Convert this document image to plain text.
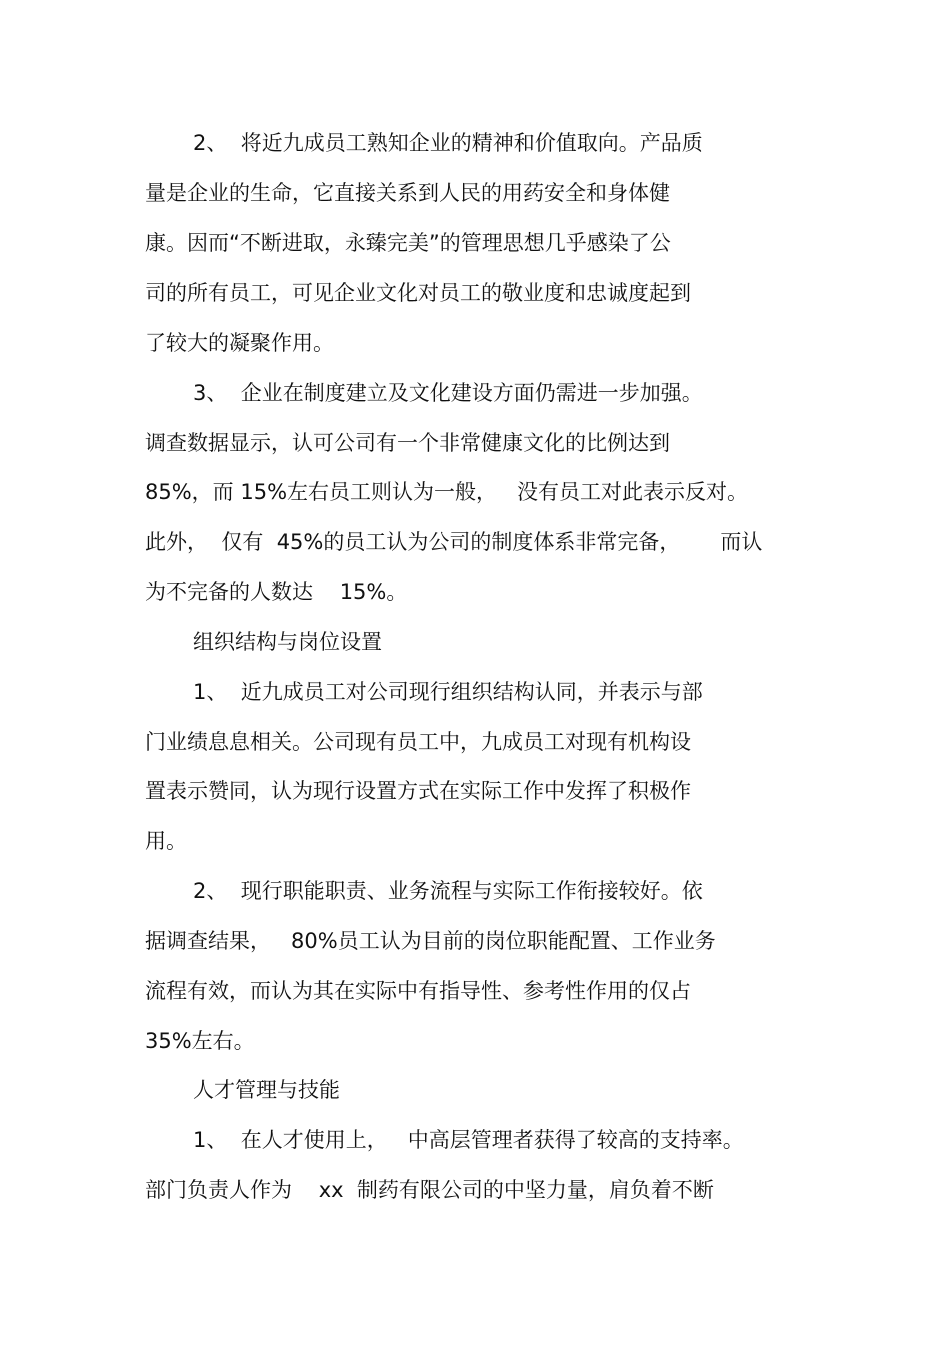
2、  将近九成员工熟知企业的精神和价值取向。产品质
量是企业的生命，它直接关系到人民的用药安全和身体健
康。因而“不断进取，永臻完美”的管理思想几乎感染了公
司的所有员工，可见企业文化对员工的敬业度和忠诚度起到
了较大的凝聚作用。
3、  企业在制度建立及文化建设方面仍需进一步加强。
调查数据显示，认可公司有一个非常健康文化的比例达到
85%，而 15%左右员工则认为一般，   没有员工对此表示反对。
此外，  仅有  45%的员工认为公司的制度体系非常完备，      而认
为不完备的人数达    15%。
组织结构与岗位设置
1、  近九成员工对公司现行组织结构认同，并表示与部
门业绩息息相关。公司现有员工中，九成员工对现有机构设
置表示赞同，认为现行设置方式在实际工作中发挥了积极作
用。
2、  现行职能职责、业务流程与实际工作衔接较好。依
据调查结果，   80%员工认为目前的岗位职能配置、工作业务
流程有效，而认为其在实际中有指导性、参考性作用的仅占
35%左右。
人才管理与技能
1、  在人才使用上，   中高层管理者获得了较高的支持率。
部门负责人作为    xx  制药有限公司的中坚力量，肩负着不断
